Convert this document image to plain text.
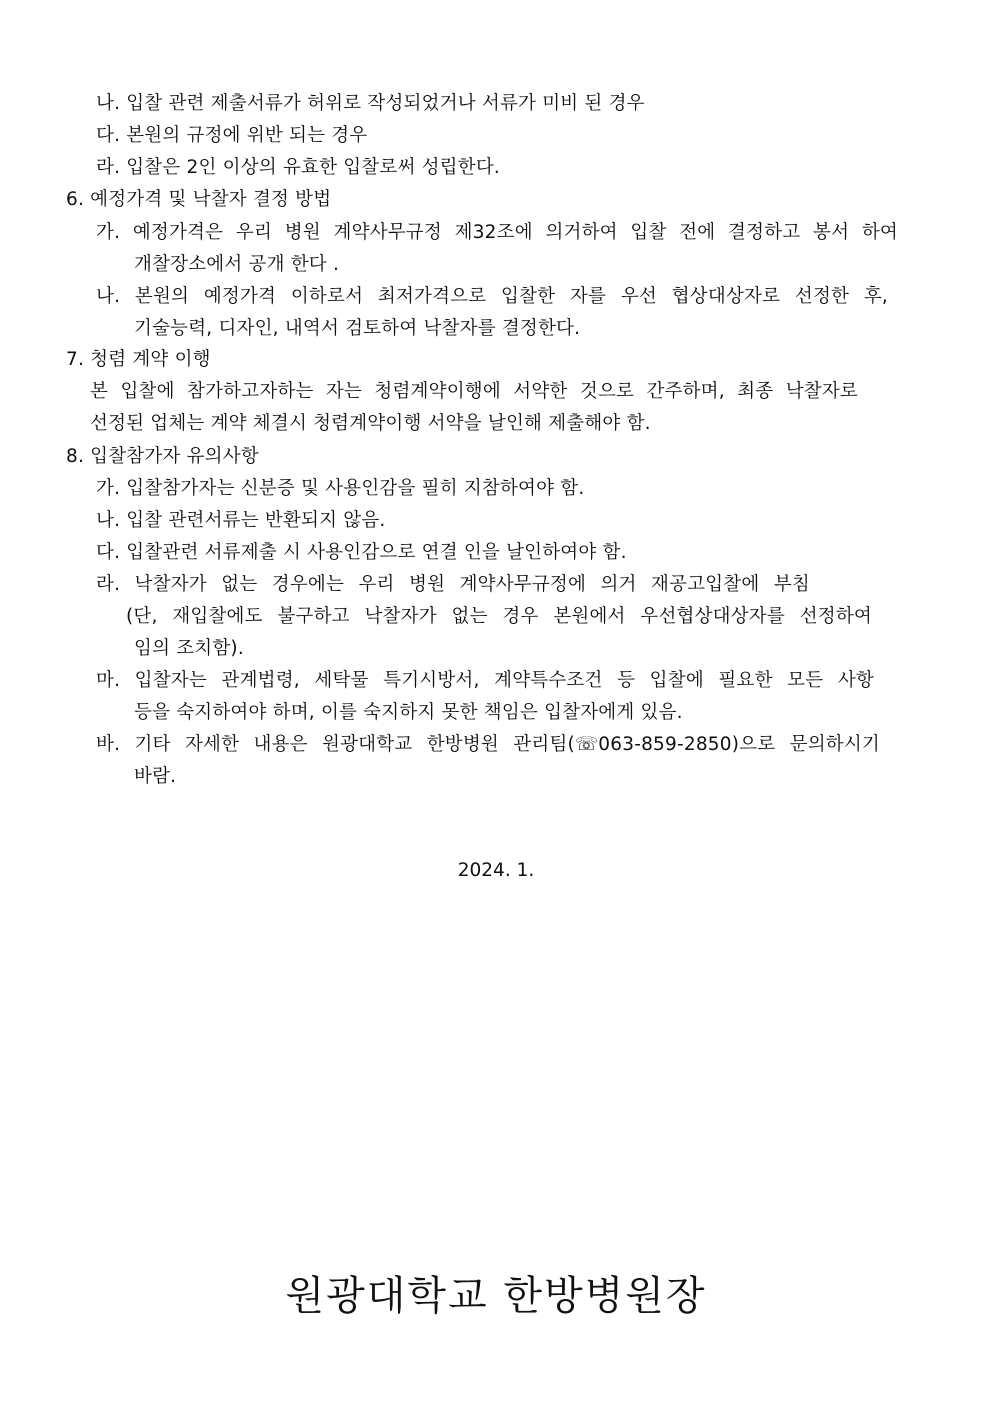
나. 입찰 관련 제출서류가 허위로 작성되었거나 서류가 미비 된 경우
다. 본원의 규정에 위반 되는 경우
라. 입찰은 2인 이상의 유효한 입찰로써 성립한다.
6. 예정가격 및 낙찰자 결정 방법
가. 예정가격은 우리 병원 계약사무규정 제32조에 의거하여 입찰 전에 결정하고 봉서 하여
개찰장소에서 공개 한다 .
나. 본원의 예정가격 이하로서 최저가격으로 입찰한 자를 우선 협상대상자로 선정한 후,
기술능력, 디자인, 내역서 검토하여 낙찰자를 결정한다.
7. 청렴 계약 이행
본 입찰에 참가하고자하는 자는 청렴계약이행에 서약한 것으로 간주하며, 최종 낙찰자로
선정된 업체는 계약 체결시 청렴계약이행 서약을 날인해 제출해야 함.
8. 입찰참가자 유의사항
가. 입찰참가자는 신분증 및 사용인감을 필히 지참하여야 함.
나. 입찰 관련서류는 반환되지 않음.
다. 입찰관련 서류제출 시 사용인감으로 연결 인을 날인하여야 함.
라. 낙찰자가 없는 경우에는 우리 병원 계약사무규정에 의거 재공고입찰에 부침
(단, 재입찰에도 불구하고 낙찰자가 없는 경우 본원에서 우선협상대상자를 선정하여
임의 조치함).
마. 입찰자는 관계법령, 세탁물 특기시방서, 계약특수조건 등 입찰에 필요한 모든 사항
등을 숙지하여야 하며, 이를 숙지하지 못한 책임은 입찰자에게 있음.
바. 기타 자세한 내용은 원광대학교 한방병원 관리팀(☏063-859-2850)으로 문의하시기
바람.
2024. 1.
원광대학교 한방병원장
